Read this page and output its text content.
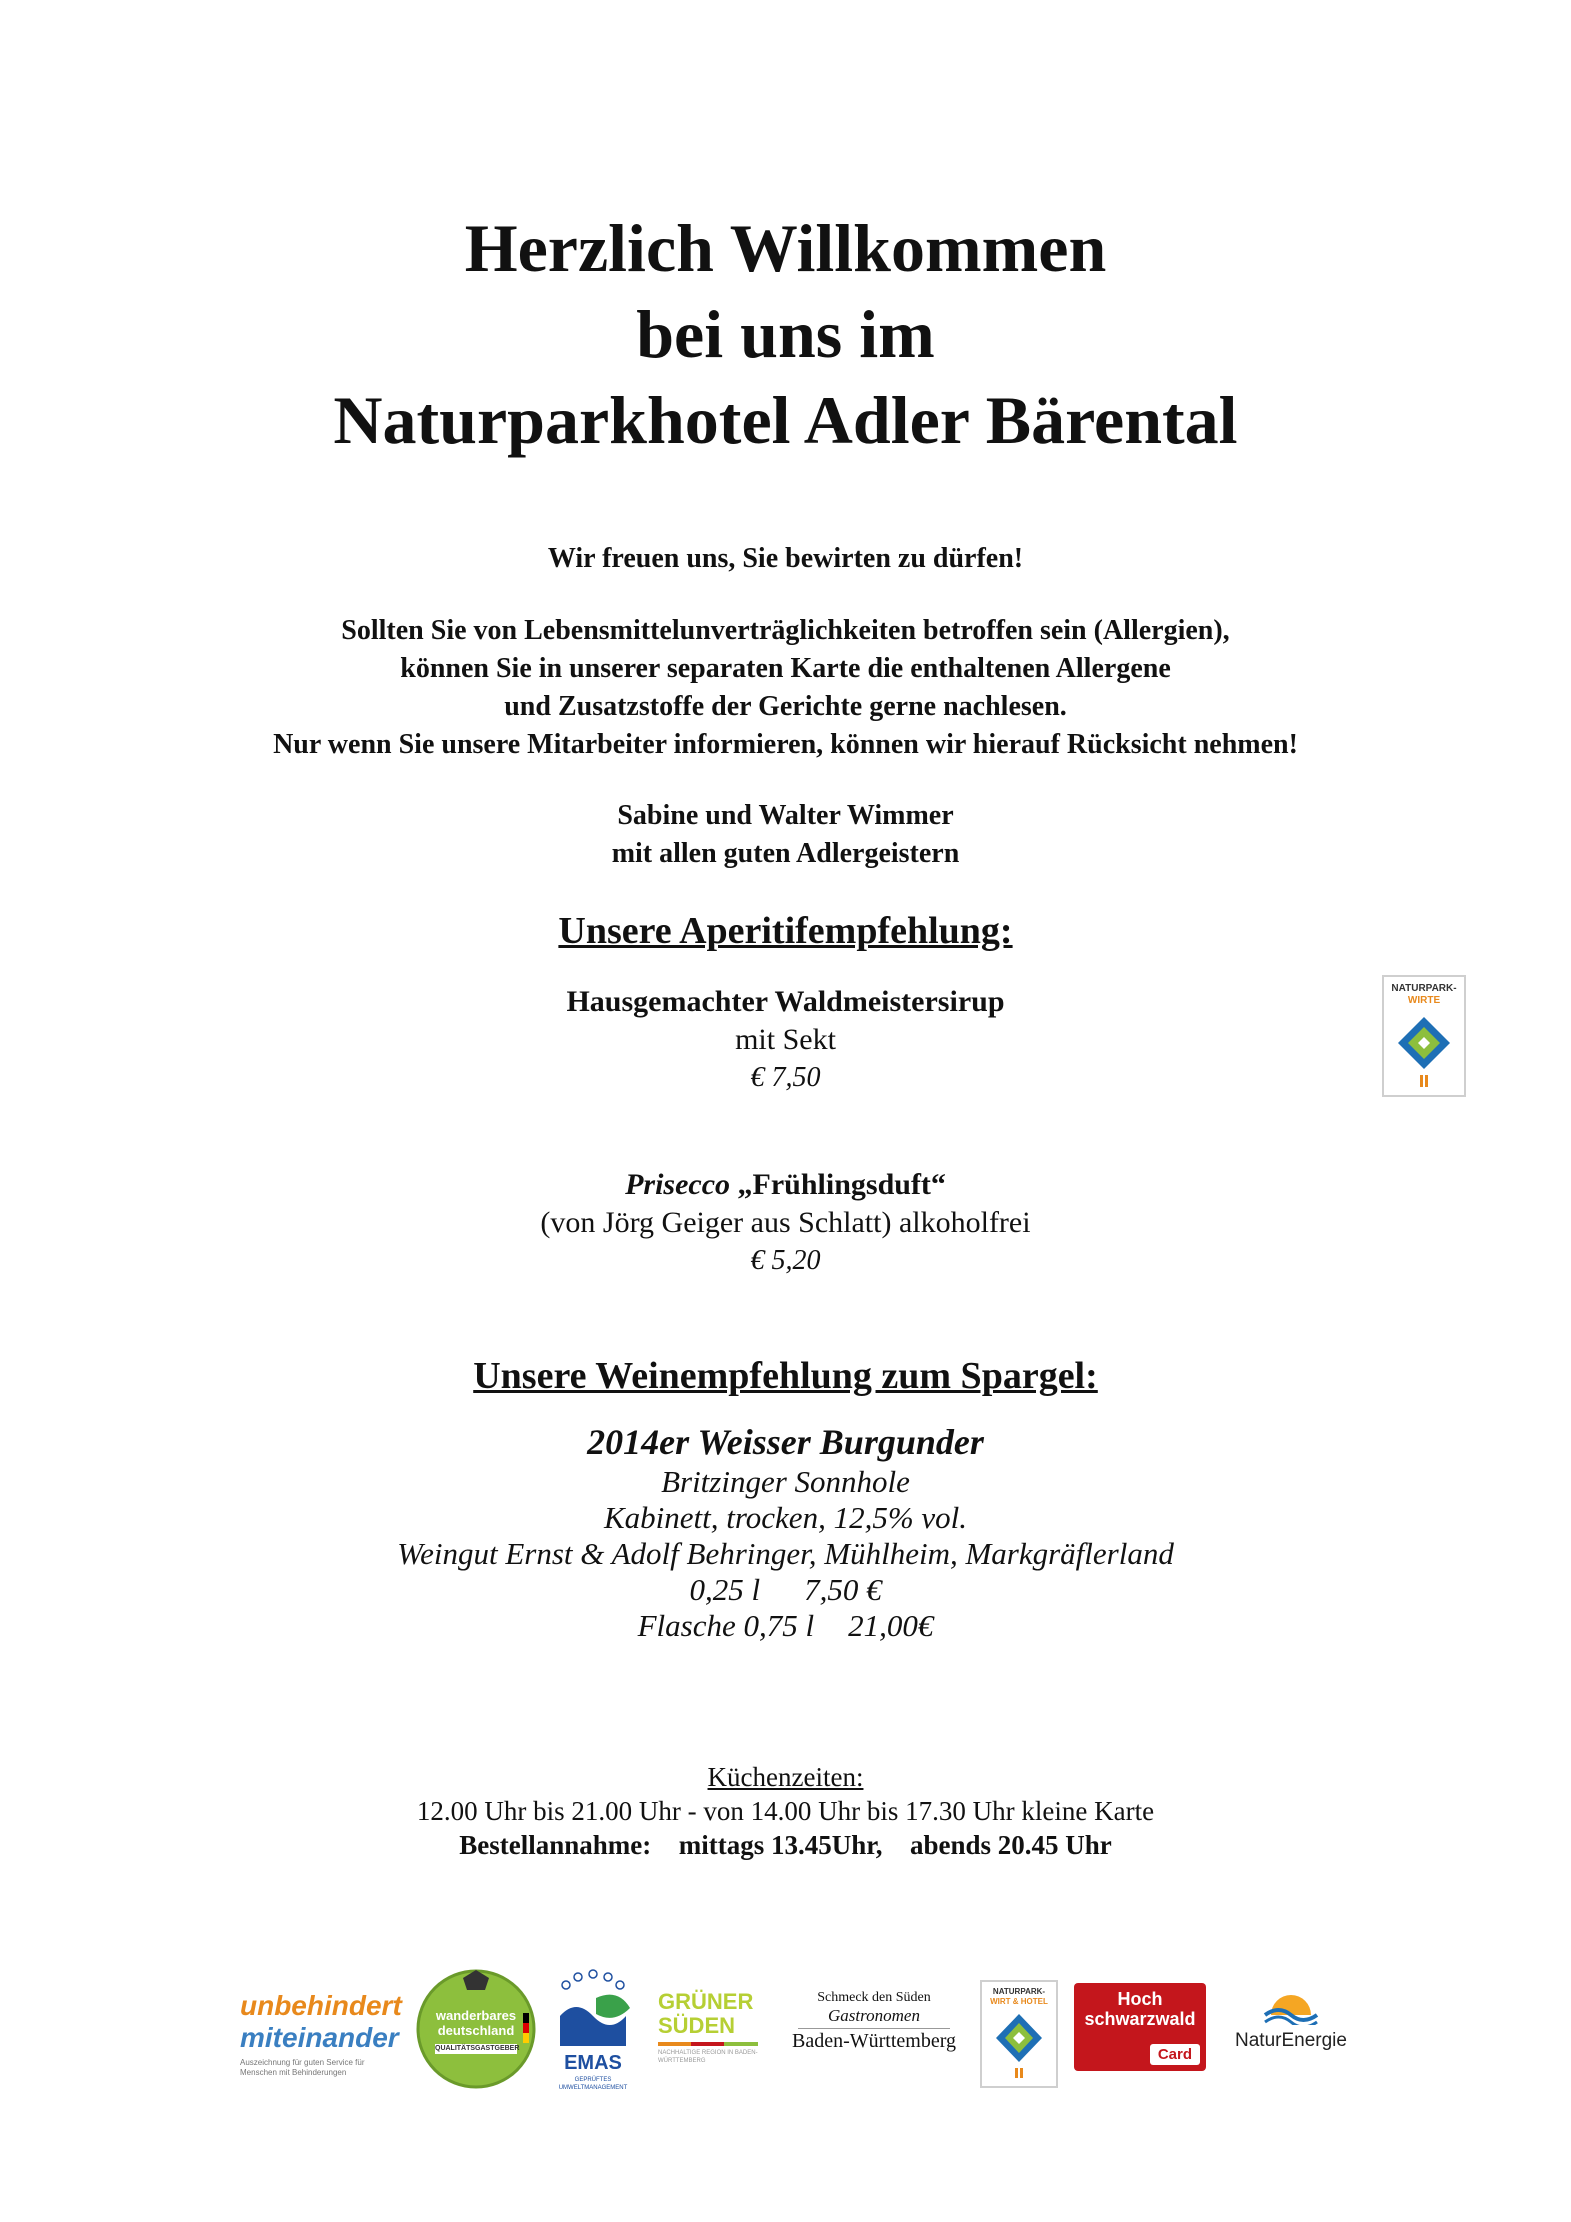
Herzlich Willkommen
bei uns im
Naturparkhotel Adler Bärental
Wir freuen uns, Sie bewirten zu dürfen!
Sollten Sie von Lebensmittelunverträglichkeiten betroffen sein (Allergien),
können Sie in unserer separaten Karte die enthaltenen Allergene
und Zusatzstoffe der Gerichte gerne nachlesen.
Nur wenn Sie unsere Mitarbeiter informieren, können wir hierauf Rücksicht nehmen!
Sabine und Walter Wimmer
mit allen guten Adlergeistern
Unsere Aperitifempfehlung:
Hausgemachter Waldmeistersirup
mit Sekt
€ 7,50
Prisecco „Frühlingsduft“
(von Jörg Geiger aus Schlatt) alkoholfrei
€ 5,20
NATURPARK-
WIRTE
Unsere Weinempfehlung zum Spargel:
2014er Weisser Burgunder
Britzinger Sonnhole
Kabinett, trocken, 12,5% vol.
Weingut Ernst & Adolf Behringer, Mühlheim, Markgräflerland
0,25 l 7,50 €
Flasche 0,75 l 21,00€
Küchenzeiten:
12.00 Uhr bis 21.00 Uhr - von 14.00 Uhr bis 17.30 Uhr kleine Karte
Bestellannahme: mittags 13.45Uhr, abends 20.45 Uhr
unbehindert
miteinander
Auszeichnung für guten Service für Menschen mit Behinderungen
wanderbares
deutschland
QUALITÄTSGASTGEBER
EMAS
GEPRÜFTES UMWELTMANAGEMENT
GRÜNER
SÜDEN
NACHHALTIGE REGION IN BADEN-WÜRTTEMBERG
Schmeck den Süden
Gastronomen
Baden-Württemberg
NATURPARK-
WIRT & HOTEL	Hoch
schwarzwald
Card
NaturEnergie
